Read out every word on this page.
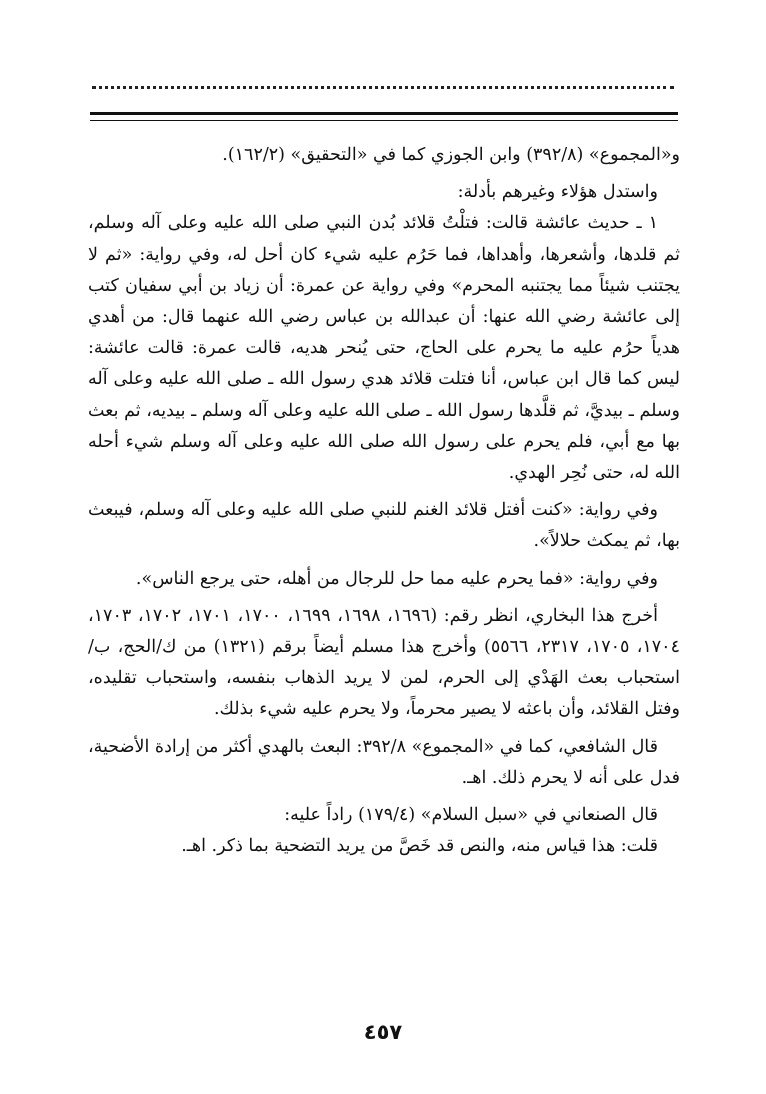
و«المجموع» (٣٩٢/٨) وابن الجوزي كما في «التحقيق» (١٦٢/٢).

واستدل هؤلاء وغيرهم بأدلة:

١ ـ حديث عائشة قالت: فتلْتُ قلائد بُدن النبي صلى الله عليه وعلى آله وسلم، ثم قلدها، وأشعرها، وأهداها، فما حَرُم عليه شيء كان أحل له، وفي رواية: «ثم لا يجتنب شيئاً مما يجتنبه المحرم» وفي رواية عن عمرة: أن زياد بن أبي سفيان كتب إلى عائشة رضي الله عنها: أن عبدالله بن عباس رضي الله عنهما قال: من أهدي هدياً حرُم عليه ما يحرم على الحاج، حتى يُنحر هديه، قالت عمرة: قالت عائشة: ليس كما قال ابن عباس، أنا فتلت قلائد هدي رسول الله ـ صلى الله عليه وعلى آله وسلم ـ بيديَّ، ثم قلَّدها رسول الله ـ صلى الله عليه وعلى آله وسلم ـ بيديه، ثم بعث بها مع أبي، فلم يحرم على رسول الله صلى الله عليه وعلى آله وسلم شيء أحله الله له، حتى نُحِر الهدي.

وفي رواية: «كنت أفتل قلائد الغنم للنبي صلى الله عليه وعلى آله وسلم، فيبعث بها، ثم يمكث حلالاً».

وفي رواية: «فما يحرم عليه مما حل للرجال من أهله، حتى يرجع الناس».

أخرج هذا البخاري، انظر رقم: (١٦٩٦، ١٦٩٨، ١٦٩٩، ١٧٠٠، ١٧٠١، ١٧٠٢، ١٧٠٣، ١٧٠٤، ١٧٠٥، ٢٣١٧، ٥٥٦٦) وأخرج هذا مسلم أيضاً برقم (١٣٢١) من ك/الحج، ب/استحباب بعث الهَدْي إلى الحرم، لمن لا يريد الذهاب بنفسه، واستحباب تقليده، وفتل القلائد، وأن باعثه لا يصير محرماً، ولا يحرم عليه شيء بذلك.

قال الشافعي، كما في «المجموع» ٣٩٢/٨: البعث بالهدي أكثر من إرادة الأضحية، فدل على أنه لا يحرم ذلك. اهـ.

قال الصنعاني في «سبل السلام» (١٧٩/٤) راداً عليه:

قلت: هذا قياس منه، والنص قد خَصَّ من يريد التضحية بما ذكر. اهـ.

٤٥٧
